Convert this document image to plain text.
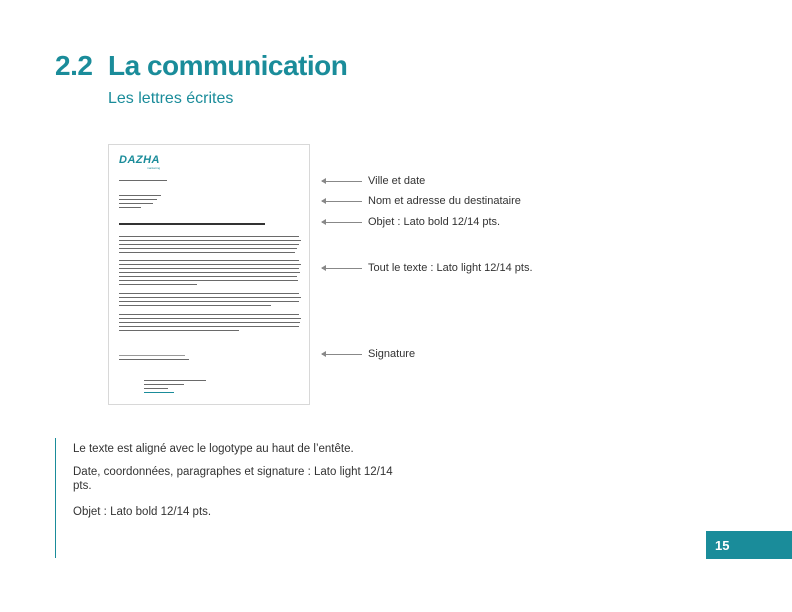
2.2 La communication
Les lettres écrites
DAZHA
marketing
Ville et date
Nom et adresse du destinataire
Objet : Lato bold 12/14 pts.
Tout le texte : Lato light 12/14 pts.
Signature

Le texte est aligné avec le logotype au haut de l’entête.

Date, coordonnées, paragraphes et signature : Lato light 12/14 pts.

Objet : Lato bold 12/14 pts.

15
